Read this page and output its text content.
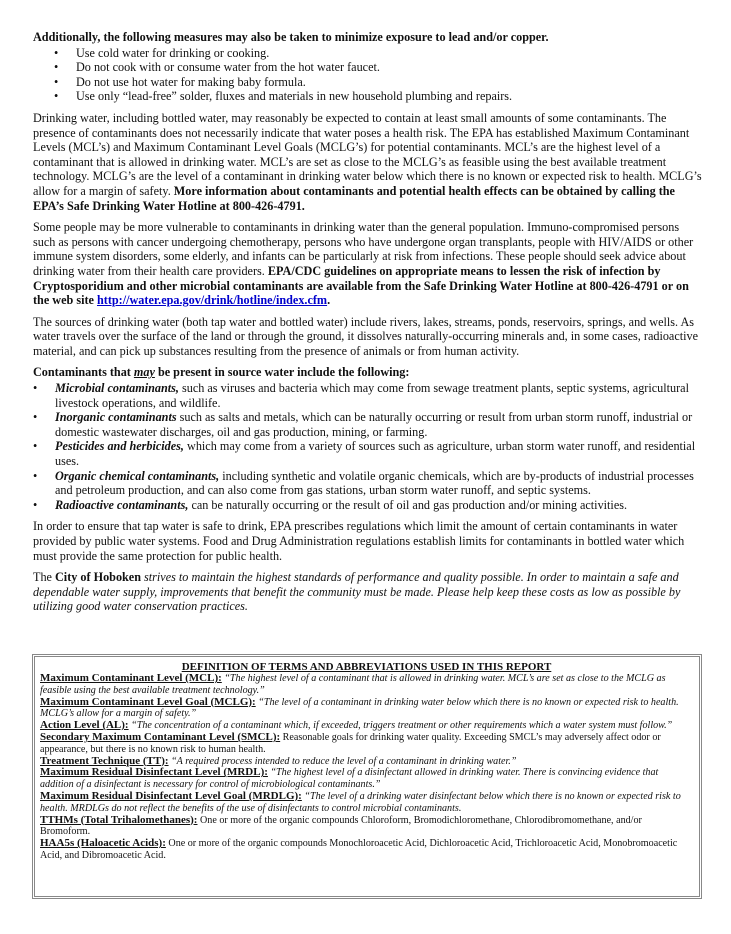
Additionally, the following measures may also be taken to minimize exposure to lead and/or copper.

• Use cold water for drinking or cooking.
• Do not cook with or consume water from the hot water faucet.
• Do not use hot water for making baby formula.
• Use only “lead-free” solder, fluxes and materials in new household plumbing and repairs.

Drinking water, including bottled water, may reasonably be expected to contain at least small amounts of some contaminants. The presence of contaminants does not necessarily indicate that water poses a health risk. The EPA has established Maximum Contaminant Levels (MCL’s) and Maximum Contaminant Level Goals (MCLG’s) for potential contaminants. MCL’s are the highest level of a contaminant that is allowed in drinking water. MCL’s are set as close to the MCLG’s as feasible using the best available treatment technology. MCLG’s are the level of a contaminant in drinking water below which there is no known or expected risk to health. MCLG’s allow for a margin of safety. More information about contaminants and potential health effects can be obtained by calling the EPA’s Safe Drinking Water Hotline at 800-426-4791.

Some people may be more vulnerable to contaminants in drinking water than the general population. Immuno-compromised persons such as persons with cancer undergoing chemotherapy, persons who have undergone organ transplants, people with HIV/AIDS or other immune system disorders, some elderly, and infants can be particularly at risk from infections. These people should seek advice about drinking water from their health care providers. EPA/CDC guidelines on appropriate means to lessen the risk of infection by Cryptosporidium and other microbial contaminants are available from the Safe Drinking Water Hotline at 800-426-4791 or on the web site http://water.epa.gov/drink/hotline/index.cfm.

The sources of drinking water (both tap water and bottled water) include rivers, lakes, streams, ponds, reservoirs, springs, and wells. As water travels over the surface of the land or through the ground, it dissolves naturally-occurring minerals and, in some cases, radioactive material, and can pick up substances resulting from the presence of animals or from human activity.

Contaminants that may be present in source water include the following:

• Microbial contaminants, such as viruses and bacteria which may come from sewage treatment plants, septic systems, agricultural livestock operations, and wildlife.
• Inorganic contaminants such as salts and metals, which can be naturally occurring or result from urban storm runoff, industrial or domestic wastewater discharges, oil and gas production, mining, or farming.
• Pesticides and herbicides, which may come from a variety of sources such as agriculture, urban storm water runoff, and residential uses.
• Organic chemical contaminants, including synthetic and volatile organic chemicals, which are by-products of industrial processes and petroleum production, and can also come from gas stations, urban storm water runoff, and septic systems.
• Radioactive contaminants, can be naturally occurring or the result of oil and gas production and/or mining activities.

In order to ensure that tap water is safe to drink, EPA prescribes regulations which limit the amount of certain contaminants in water provided by public water systems. Food and Drug Administration regulations establish limits for contaminants in bottled water which must provide the same protection for public health.

The City of Hoboken strives to maintain the highest standards of performance and quality possible. In order to maintain a safe and dependable water supply, improvements that benefit the community must be made. Please help keep these costs as low as possible by utilizing good water conservation practices.

DEFINITION OF TERMS AND ABBREVIATIONS USED IN THIS REPORT

Maximum Contaminant Level (MCL): “The highest level of a contaminant that is allowed in drinking water. MCL’s are set as close to the MCLG as feasible using the best available treatment technology.”

Maximum Contaminant Level Goal (MCLG): “The level of a contaminant in drinking water below which there is no known or expected risk to health. MCLG’s allow for a margin of safety.”

Action Level (AL): “The concentration of a contaminant which, if exceeded, triggers treatment or other requirements which a water system must follow.”

Secondary Maximum Contaminant Level (SMCL): Reasonable goals for drinking water quality. Exceeding SMCL’s may adversely affect odor or appearance, but there is no known risk to human health.

Treatment Technique (TT): “A required process intended to reduce the level of a contaminant in drinking water.”

Maximum Residual Disinfectant Level (MRDL): “The highest level of a disinfectant allowed in drinking water. There is convincing evidence that addition of a disinfectant is necessary for control of microbiological contaminants.”

Maximum Residual Disinfectant Level Goal (MRDLG): “The level of a drinking water disinfectant below which there is no known or expected risk to health. MRDLGs do not reflect the benefits of the use of disinfectants to control microbial contaminants.

TTHMs (Total Trihalomethanes): One or more of the organic compounds Chloroform, Bromodichloromethane, Chlorodibromomethane, and/or Bromoform.

HAA5s (Haloacetic Acids): One or more of the organic compounds Monochloroacetic Acid, Dichloroacetic Acid, Trichloroacetic Acid, Monobromoacetic Acid, and Dibromoacetic Acid.
